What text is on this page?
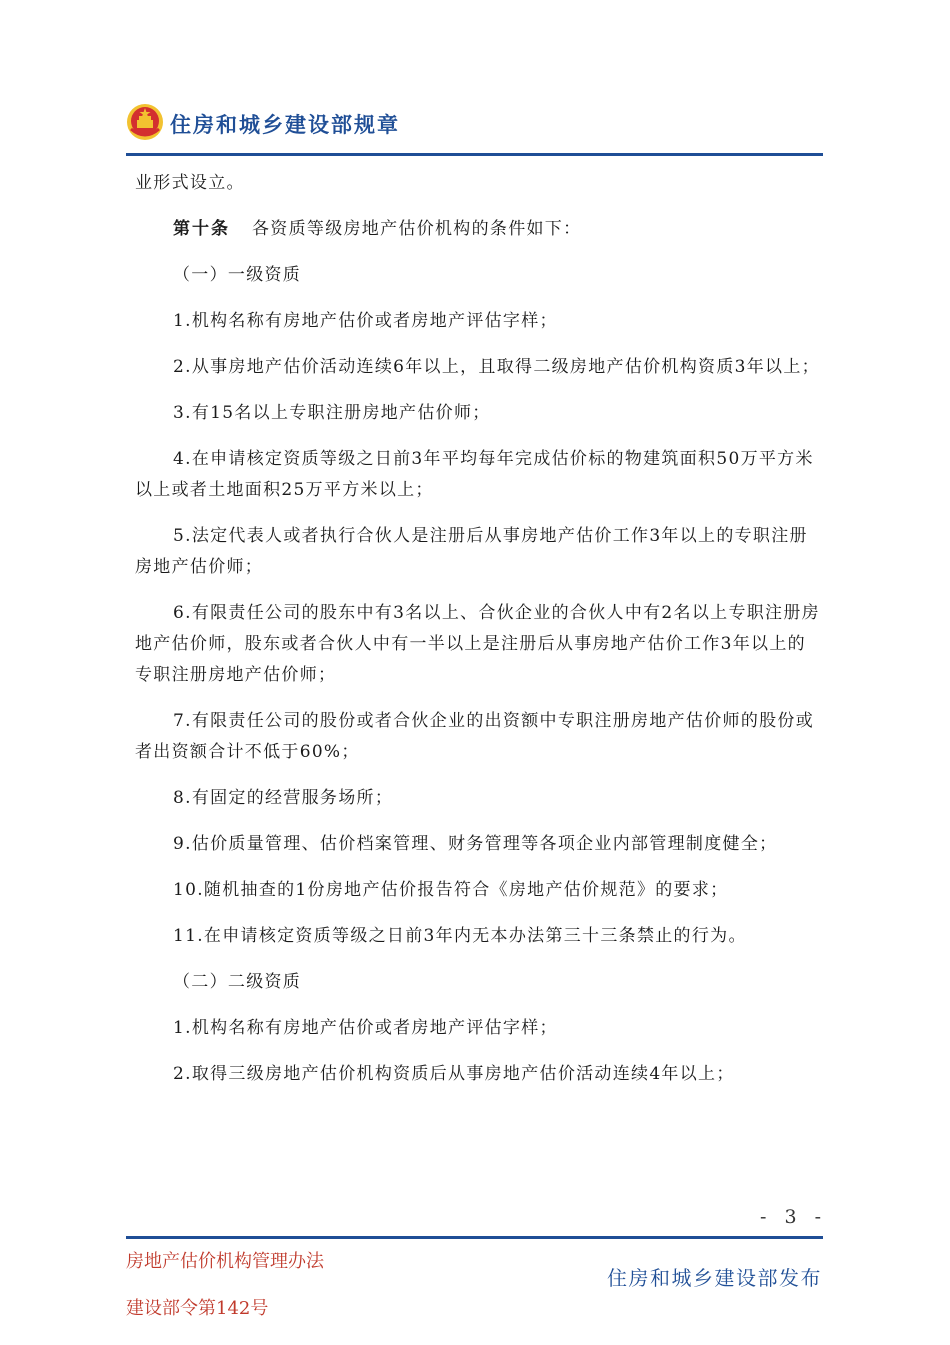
住房和城乡建设部规章

业形式设立。

第十条 各资质等级房地产估价机构的条件如下：

（一）一级资质

1.机构名称有房地产估价或者房地产评估字样；

2.从事房地产估价活动连续6年以上，且取得二级房地产估价机构资质3年以上；

3.有15名以上专职注册房地产估价师；

4.在申请核定资质等级之日前3年平均每年完成估价标的物建筑面积50万平方米以上或者土地面积25万平方米以上；

5.法定代表人或者执行合伙人是注册后从事房地产估价工作3年以上的专职注册房地产估价师；

6.有限责任公司的股东中有3名以上、合伙企业的合伙人中有2名以上专职注册房地产估价师，股东或者合伙人中有一半以上是注册后从事房地产估价工作3年以上的专职注册房地产估价师；

7.有限责任公司的股份或者合伙企业的出资额中专职注册房地产估价师的股份或者出资额合计不低于60%；

8.有固定的经营服务场所；

9.估价质量管理、估价档案管理、财务管理等各项企业内部管理制度健全；

10.随机抽查的1份房地产估价报告符合《房地产估价规范》的要求；

11.在申请核定资质等级之日前3年内无本办法第三十三条禁止的行为。

（二）二级资质

1.机构名称有房地产估价或者房地产评估字样；

2.取得三级房地产估价机构资质后从事房地产估价活动连续4年以上；

- 3 -
房地产估价机构管理办法
建设部令第142号
住房和城乡建设部发布
